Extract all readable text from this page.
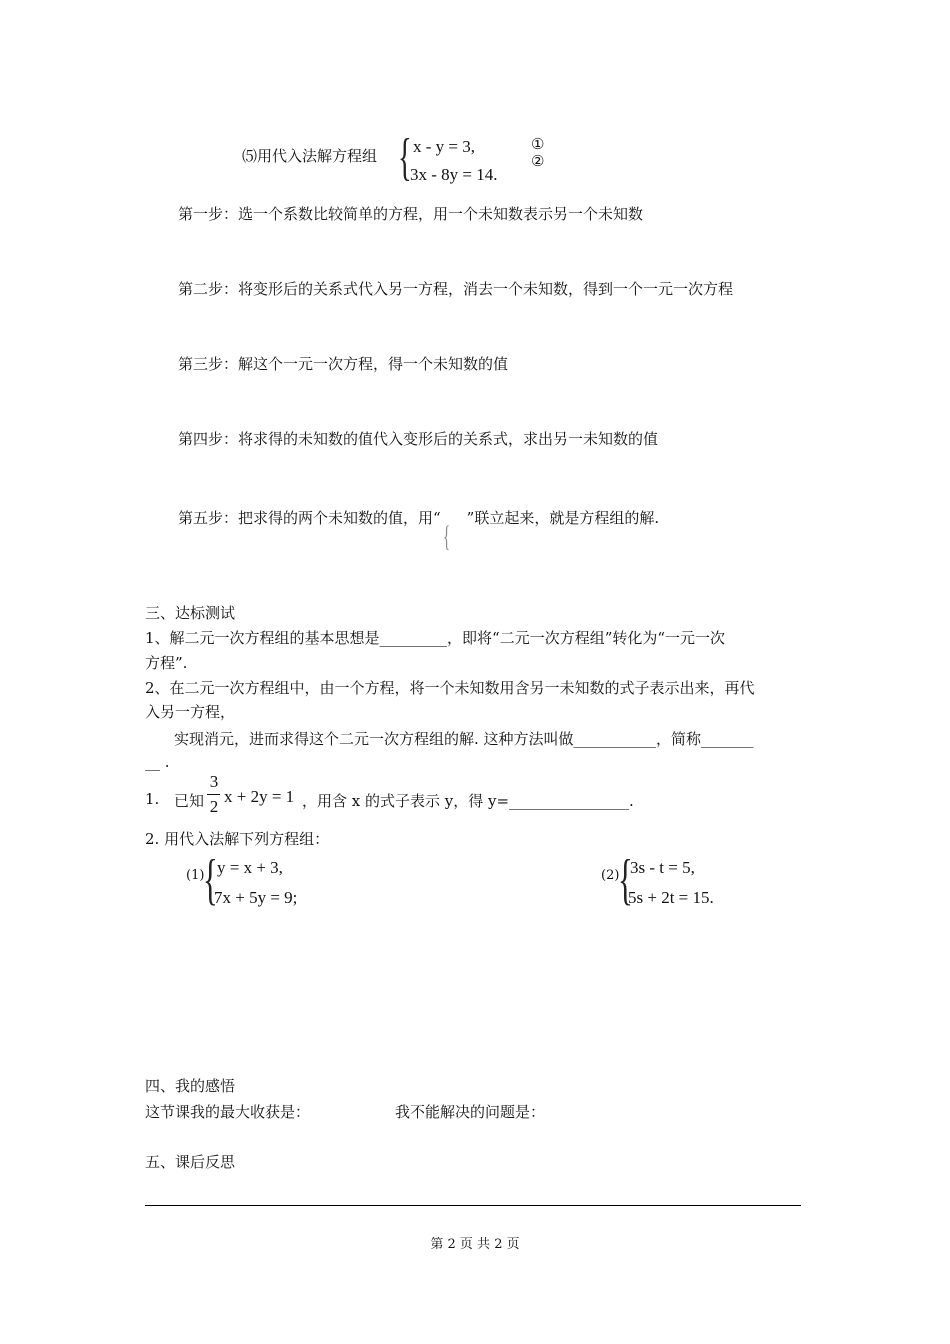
⑸用代入法解方程组 { x - y = 3,
3x - 8y = 14.
①
②
第一步：选一个系数比较简单的方程，用一个未知数表示另一个未知数
第二步：将变形后的关系式代入另一方程，消去一个未知数，得到一个一元一次方程
第三步：解这个一元一次方程，得一个未知数的值
第四步：将求得的未知数的值代入变形后的关系式，求出另一未知数的值
第五步：把求得的两个未知数的值，用“
{
”联立起来，就是方程组的解.
三、达标测试
1、解二元一次方程组的基本思想是_________，即将“二元一次方程组”转化为“一元一次
方程”.
2、在二元一次方程组中，由一个方程，将一个未知数用含另一未知数的式子表示出来，再代
入另一方程，
实现消元，进而求得这个二元一次方程组的解. 这种方法叫做___________，简称_______
__ .
1. 已知
3
2
x + 2y = 1 ，用含 x 的式子表示 y，得 y=________________.
2. 用代入法解下列方程组：
(1)
{ y = x + 3,
7x + 5y = 9;
(2)
{
3s - t = 5,
5s + 2t = 15.
四、我的感悟
这节课我的最大收获是：	我不能解决的问题是：
五、课后反思
第 2 页 共 2 页
